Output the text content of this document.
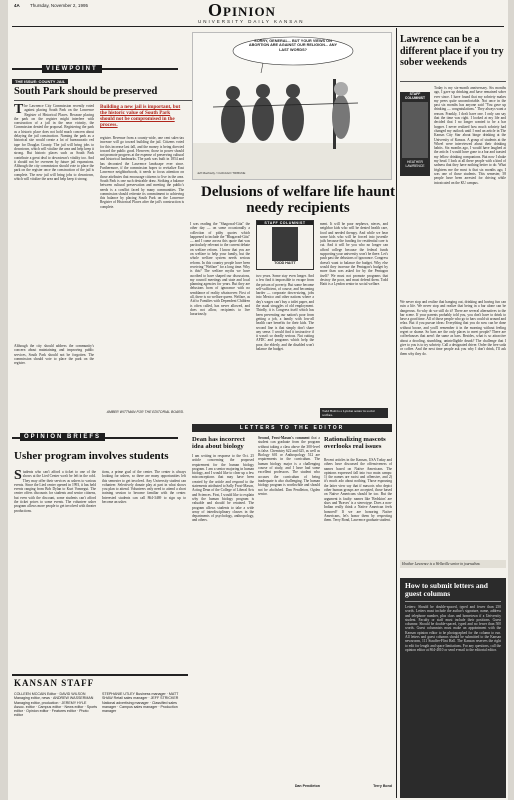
4A Thursday, November 2, 1995	Opinion
UNIVERSITY DAILY KANSAN
VIEWPOINT
THE ISSUE: COUNTY JAIL
South Park should be preserved
The Lawrence City Commission recently voted against placing South Park on the Lawrence Register of Historical Places. Because placing the park on the register might interfere with construction of a jail in the near vicinity, the Commission denied the proposal. Registering the park as a historic place does not hold much concern about delaying the jail construction. Naming the park as a historical site would create a lot of bureaucratic red tape for Douglas County. The jail will bring jobs to downtown, which will vitalize the area and help keep it strong. But historic places such as South Park contribute a great deal to downtown's vitality too. And it should not be overseen by future jail expansions. Although the city commission should vote to place the park on the register once the construction of the jail is complete. The new jail will bring jobs to downtown, which will vitalize the area and help keep it strong.
Although the city should address the community's concern about maintaining and improving public services, South Park should not be forgotten. The commission should vote to place the park on the register.
Building a new jail is important, but the historic value of South Park should not be compromised in the process.
register. Revenue from a county-wide, one cent sales-tax increase will go toward building the jail. Citizens voted for this increase last fall, and the money is being directed toward the public good. However, those in power should not promote progress at the expense of preserving cultural and historical landmarks. The park was built in 1854 and has decorated the Lawrence landscape ever since. Furthermore, if the commission hopes to revitalize East Lawrence neighborhoods, it needs to focus attention on those attributes that encourage citizens to live in the area. South Park is one such desirable draw. Striking a balance between cultural preservation and meeting the public's needs is a conflict faced by many communities. The commission should reiterate its commitment to achieving this balance by placing South Park on the Lawrence Register of Historical Places after the jail's construction is complete.
AMBER WITTMAN FOR THE EDITORIAL BOARD.
SORRY, GENERAL... BUT YOUR VIEWS ON ABORTION ARE AGAINST OUR RELIGION... ANY LAST WORDS?
Jeff MacNelly / CHICAGO TRIBUNE
Delusions of welfare life haunt needy recipients
I was reading the "Shagowal-Gita" the other day — on some occasionally a collection of pithy quotes which happened to include the "Bhagavad-Gita" — and I came across this quote that was particularly relevant to the current debate on welfare reform. I know that you are on welfare to help your family, but the whole welfare system needs serious reform. In this country people have been receiving "Welfare" for a long time. Why is this? The welfare myths we have ascribed to have shaped our discussions, my council meetings and state and local planning agencies for years. But they are delusions born of ignorance with no semblance of reality whatsoever. First of all, there is no welfare queen. Welfare, as Aid to Families with Dependent Children is often called, has never allowed, and does not allow, recipients to live luxuriously.
STAFF COLUMNIST
TODD HAITT
two years. Some stay even longer. And a few find it impossible to escape from the prison of poverty. But some become self-sufficient, of course, and becoming harder — corporate down-sizing, jobs into Mexico and other nations where a day's wages can't buy a toilet paper, and the usual struggles of old employment. Thirdly, it is Congress itself which has been preventing our nation's poor from getting a job, a family with low-all health care benefits for their kids. The second line is that simply don't share any sense. I would find it instructive if it wasn't so deadly serious. Nut cutting AFDC and programs which help the poor, the elderly, and the disabled won't balance the budget.
ment. It will be poor nephews, nieces, and neighbor kids who will be denied health care, food and needed therapy. And while we hear some kids who will be forced into juvenile jails because the funding for residential care is cut. And it will be you who no longer can afford college because the federal funds supporting your university won't be there. Let's push past the delusions of ignorance. Congress doesn't want to balance the budget. Why else would they increase the Pentagon's budget by more than was asked for by the Pentagon itself? We must not promote programs that destroy the poor, and must defend them. Todd Haitt is a Lyndon senior in social welfare.
Todd Haitt is a Lyndon senior in social welfare.
Lawrence can be a different place if you try sober weekends
STAFF COLUMNIST
HEATHER LAWRENCE
Today is my six-month anniversary. Six months ago, I gave up drinking and have remained sober ever since. I have found that my sobriety makes my peers quite uncomfortable. Not once in the past six months has anyone said "You gave up drinking — congratulations." They always want a reason. Frankly, I don't have one. I only can say that the time was right. I looked at my life and decided that I no longer wanted to be a bar hopper. I never realized how much sobriety had changed my outlook until I read an article in The Kansas City Star about binge drinking at the University of Kansas. A group of students at the Wheel were interviewed about their drinking habits. Six months ago, I would have laughed at the article. I would have gone to a bar and toasted my fellow drinking companions. But now I shake my head. I look at all these people with a kind of sadness that they have nothing better to do. What frightens me the most is that six months ago, I was one of those students. This semester, 58 people have been arrested for driving while intoxicated on the KU campus.
We never stop and realize that hanging out, drinking and having fun can ruin a life. We never stop and realize that being in a bar alone can be dangerous. So why do we still do it? There are several alternatives to the bar scene. If your parents probably told you, you don't have to drink to have a good time. All of those people who go to bars could sit around and relax. But if you pursue ideas: Everything that you do now can be done without booze, and you'll remember it in the morning without feeling regret or shame. So bars are the only places to meet people? There are coffeehouses that aren't the same as bars. Besides, what is so attractive about a drooling, stumbling, unintelligible drunk? The challenge that I give to you is to try sobriety. Call a designated driver. Order the free soda or coffee. And the next time people ask you why I don't drink, I'll ask them why they do.
Heather Lawrence is a Wellsville senior in journalism.
How to submit letters and guest columns
Letters: Should be double-spaced, typed and fewer than 250 words. Letters must include the author's signature, name, address and telephone number, plus class and hometown if a University student. Faculty or staff must include their positions. Guest columns: Should be double-spaced, typed and no fewer than 500 words. Guest columnists must make an appointment with the Kansan opinion editor to be photographed for the column to run. All letters and guest columns should be submitted to the Kansan newsroom, 111 Stauffer-Flint Hall. The Kansan reserves the right to edit for length and space limitations. For any questions, call the opinion editor at 864-4810 or send e-mail to the editorial editor.
OPINION BRIEFS
Usher program involves students
Students who can't afford a ticket to one of the shows at the Lied Center won't be left in the cold. They may offer their services as ushers to various events. Since the Lied center opened in 1993, it has held events ranging from Bob Dylan to Kurt Vonnegut. The center offers discounts for students and senior citizens, but even with the discount, some students can't afford the ticket prices to some events. The volunteer usher program allows more people to get involved with theater productions.
tions, a prime goal of the center. The center is always looking for ushers, so there are many opportunities left this semester to get involved. Any University student can volunteer. Selectively donate play at part in what shows you plan to attend. Volunteers only need to attend a short training session to become familiar with the center. Interested students can call 864-3469 to sign up to become an usher.
KANSAN STAFF
COLLEEN MCCAIN Editor · DAVID WILSON Managing editor, news · ANDREW WASSERMAN Managing editor, production · JEREMY HYLE Assoc. editor · Campus editor · News editor · Sports editor · Opinion editor · Features editor · Photo editor
STEPHANIE UTLEY Business manager · MATT SHAW Retail sales manager · JEFF STRICKER National advertising manager · Classified sales manager · Campus sales manager · Production manager
LETTERS TO THE EDITOR
Dean has incorrect idea about biology
I am writing in response to the Oct. 25 article concerning the proposed requirement for the human biology program. I am a senior majoring in human biology, and I would like to clear up a few misconceptions that may have been created by the article and respond to the statements attributed to Sally Frost-Mason, Acting Dean of the College of Liberal Arts and Sciences. First, I would like to explain why the human biology program is valuable and should be retained. The program allows students to take a wide array of interdisciplinary classes in the departments of psychology, anthropology, and others.
Second, Frost-Mason's comment that a student can graduate from the program without taking a class above the 300-level is false. Chemistry 622 and 625, as well as Biology 601 or Anthropology 512 are requirements in the curriculum. The human biology major is a challenging course of study, and I have had some excellent professors. The student who accuses the curriculum of being inadequate is also challenging. The human biology program is worthwhile and should not be abolished. Dan Pendleton, Ogden senior.
Dan Pendleton
Rationalizing mascots overlooks real issues
Recent articles in the Kansan, USA Today and others have discussed the offensiveness of names based on Native Americans. The opinions expressed fall into two main camps: 1) the names are racist and offensive, and 2) it's much ado about nothing. Those espousing the latter view say that if mascots who depict other human groups are accepted, those based on Native Americans should be too. But the argument is faulty: names like 'Redskins' are slurs and 'Braves' is a stereotype. Does a non-Indian really think a Native American feels honored? If we are honoring Native Americans, let's honor them by respecting them. Terry Bond, Lawrence graduate student.
Terry Bond
